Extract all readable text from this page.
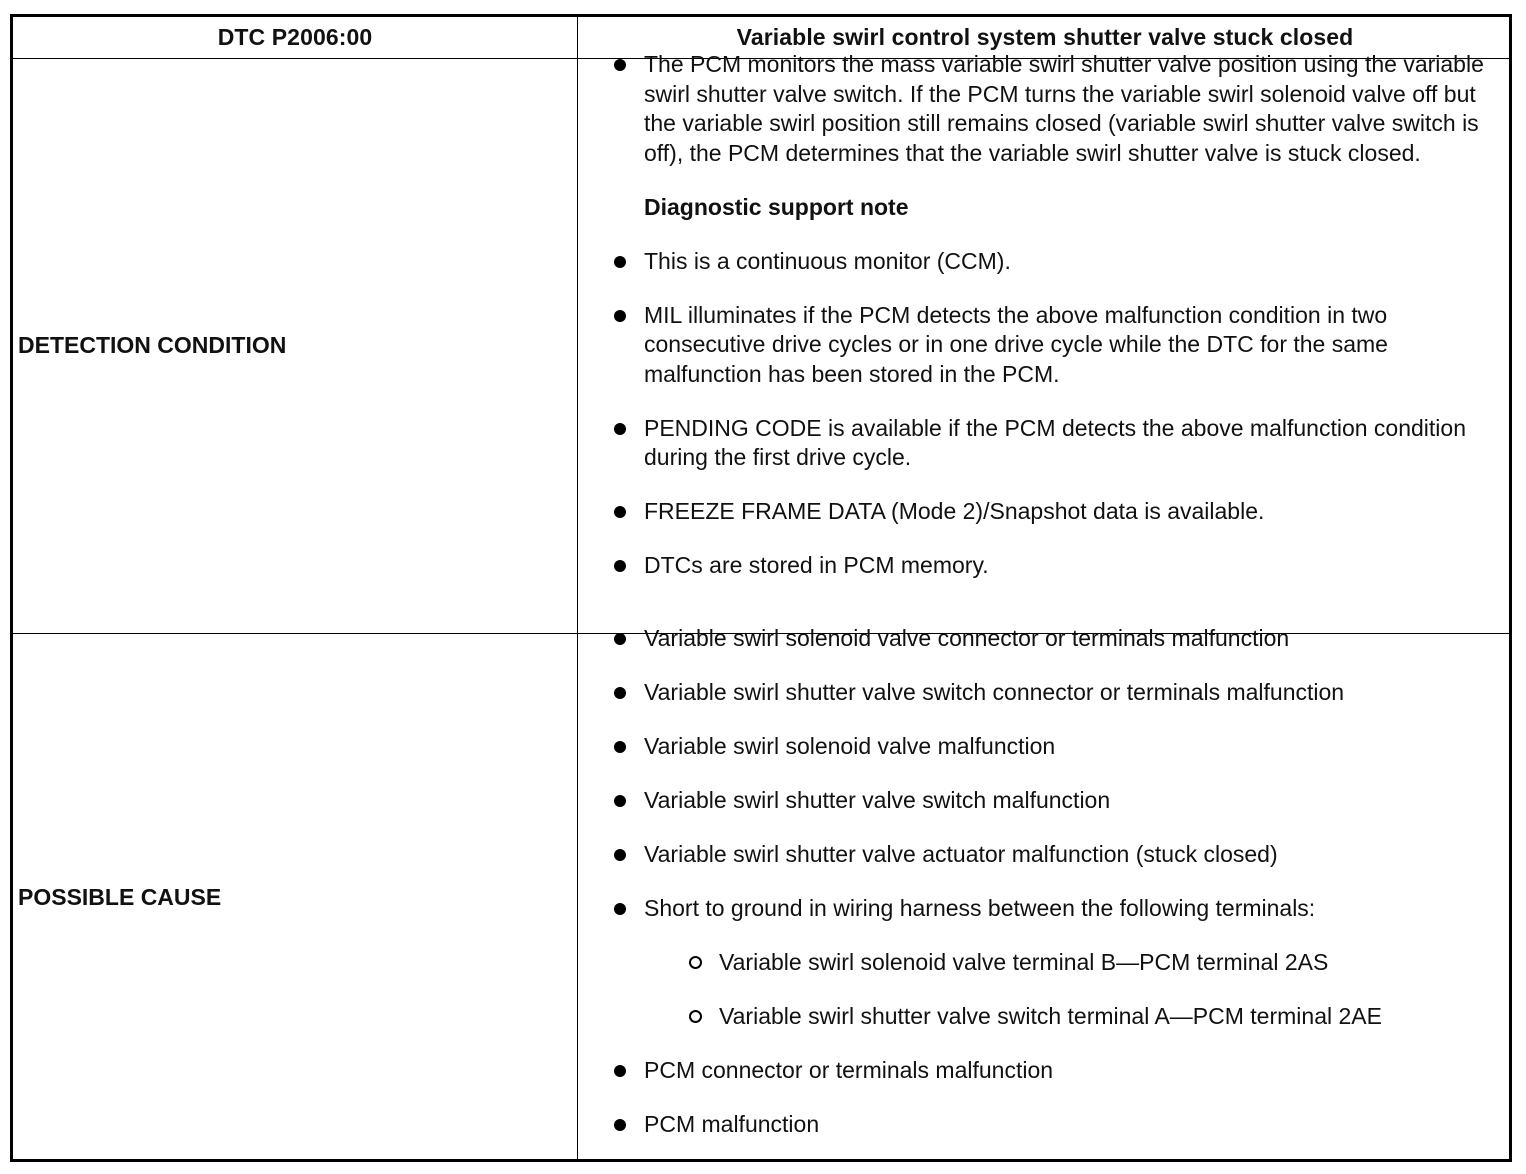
DTC P2006:00	Variable swirl control system shutter valve stuck closed
DETECTION CONDITION
POSSIBLE CAUSE
The PCM monitors the mass variable swirl shutter valve position using the variable swirl shutter valve switch. If the PCM turns the variable swirl solenoid valve off but the variable swirl position still remains closed (variable swirl shutter valve switch is off), the PCM determines that the variable swirl shutter valve is stuck closed.
Diagnostic support note
This is a continuous monitor (CCM).
MIL illuminates if the PCM detects the above malfunction condition in two consecutive drive cycles or in one drive cycle while the DTC for the same malfunction has been stored in the PCM.
PENDING CODE is available if the PCM detects the above malfunction condition during the first drive cycle.
FREEZE FRAME DATA (Mode 2)/Snapshot data is available.
DTCs are stored in PCM memory.
Variable swirl solenoid valve connector or terminals malfunction
Variable swirl shutter valve switch connector or terminals malfunction
Variable swirl solenoid valve malfunction
Variable swirl shutter valve switch malfunction
Variable swirl shutter valve actuator malfunction (stuck closed)
Short to ground in wiring harness between the following terminals:
Variable swirl solenoid valve terminal B—PCM terminal 2AS
Variable swirl shutter valve switch terminal A—PCM terminal 2AE
PCM connector or terminals malfunction
PCM malfunction
